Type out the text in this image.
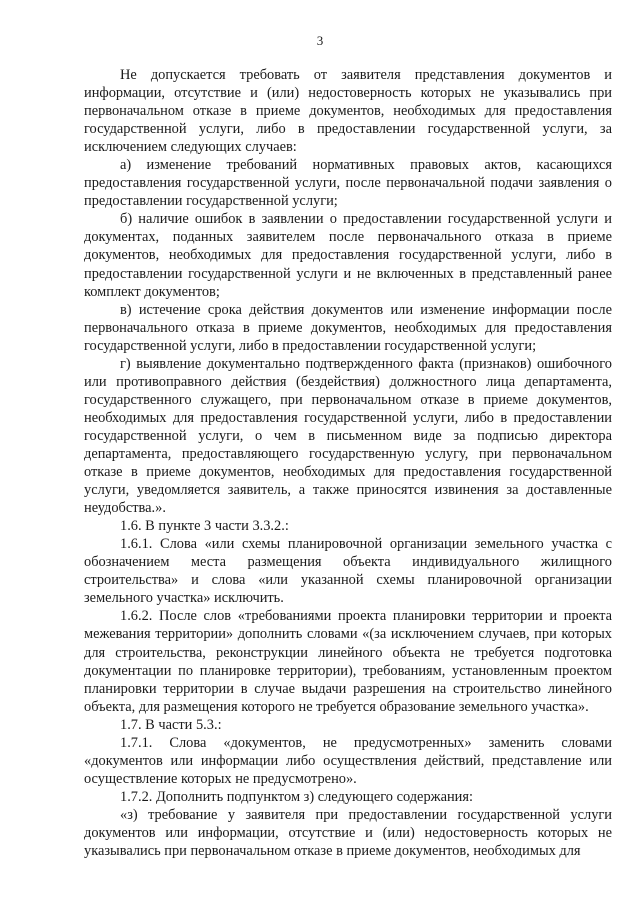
3

Не допускается требовать от заявителя представления документов и информации, отсутствие и (или) недостоверность которых не указывались при первоначальном отказе в приеме документов, необходимых для предоставления государственной услуги, либо в предоставлении государственной услуги, за исключением следующих случаев:

а) изменение требований нормативных правовых актов, касающихся предоставления государственной услуги, после первоначальной подачи заявления о предоставлении государственной услуги;

б) наличие ошибок в заявлении о предоставлении государственной услуги и документах, поданных заявителем после первоначального отказа в приеме документов, необходимых для предоставления государственной услуги, либо в предоставлении государственной услуги и не включенных в представленный ранее комплект документов;

в) истечение срока действия документов или изменение информации после первоначального отказа в приеме документов, необходимых для предоставления государственной услуги, либо в предоставлении государственной услуги;

г) выявление документально подтвержденного факта (признаков) ошибочного или противоправного действия (бездействия) должностного лица департамента, государственного служащего, при первоначальном отказе в приеме документов, необходимых для предоставления государственной услуги, либо в предоставлении государственной услуги, о чем в письменном виде за подписью директора департамента, предоставляющего государственную услугу, при первоначальном отказе в приеме документов, необходимых для предоставления государственной услуги, уведомляется заявитель, а также приносятся извинения за доставленные неудобства.».

1.6. В пункте 3 части 3.3.2.:

1.6.1. Слова «или схемы планировочной организации земельного участка с обозначением места размещения объекта индивидуального жилищного строительства» и слова «или указанной схемы планировочной организации земельного участка» исключить.

1.6.2. После слов «требованиями проекта планировки территории и проекта межевания территории» дополнить словами «(за исключением случаев, при которых для строительства, реконструкции линейного объекта не требуется подготовка документации по планировке территории), требованиям, установленным проектом планировки территории в случае выдачи разрешения на строительство линейного объекта, для размещения которого не требуется образование земельного участка».

1.7. В части 5.3.:

1.7.1. Слова «документов, не предусмотренных» заменить словами «документов или информации либо осуществления действий, представление или осуществление которых не предусмотрено».

1.7.2. Дополнить подпунктом з) следующего содержания:

«з) требование у заявителя при предоставлении государственной услуги документов или информации, отсутствие и (или) недостоверность которых не указывались при первоначальном отказе в приеме документов, необходимых для
